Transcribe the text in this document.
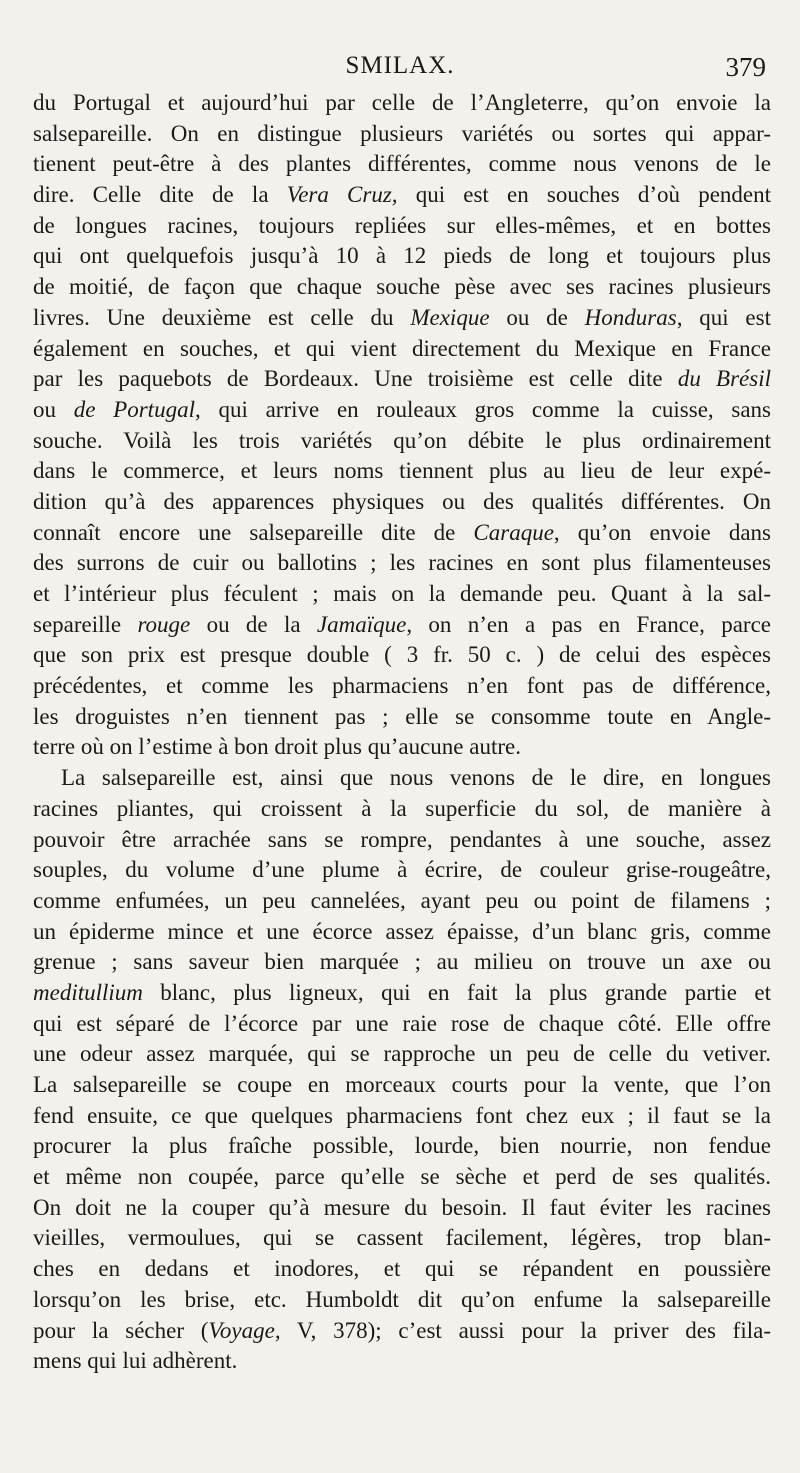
SMILAX.	379
du Portugal et aujourd’hui par celle de l’Angleterre, qu’on envoie la
salsepareille. On en distingue plusieurs variétés ou sortes qui appar-
tienent peut-être à des plantes différentes, comme nous venons de le
dire. Celle dite de la Vera Cruz, qui est en souches d’où pendent
de longues racines, toujours repliées sur elles-mêmes, et en bottes
qui ont quelquefois jusqu’à 10 à 12 pieds de long et toujours plus
de moitié, de façon que chaque souche pèse avec ses racines plusieurs
livres. Une deuxième est celle du Mexique ou de Honduras, qui est
également en souches, et qui vient directement du Mexique en France
par les paquebots de Bordeaux. Une troisième est celle dite du Brésil
ou de Portugal, qui arrive en rouleaux gros comme la cuisse, sans
souche. Voilà les trois variétés qu’on débite le plus ordinairement
dans le commerce, et leurs noms tiennent plus au lieu de leur expé-
dition qu’à des apparences physiques ou des qualités différentes. On
connaît encore une salsepareille dite de Caraque, qu’on envoie dans
des surrons de cuir ou ballotins ; les racines en sont plus filamenteuses
et l’intérieur plus féculent ; mais on la demande peu. Quant à la sal-
separeille rouge ou de la Jamaïque, on n’en a pas en France, parce
que son prix est presque double ( 3 fr. 50 c. ) de celui des espèces
précédentes, et comme les pharmaciens n’en font pas de différence,
les droguistes n’en tiennent pas ; elle se consomme toute en Angle-
terre où on l’estime à bon droit plus qu’aucune autre.
La salsepareille est, ainsi que nous venons de le dire, en longues
racines pliantes, qui croissent à la superficie du sol, de manière à
pouvoir être arrachée sans se rompre, pendantes à une souche, assez
souples, du volume d’une plume à écrire, de couleur grise-rougeâtre,
comme enfumées, un peu cannelées, ayant peu ou point de filamens ;
un épiderme mince et une écorce assez épaisse, d’un blanc gris, comme
grenue ; sans saveur bien marquée ; au milieu on trouve un axe ou
meditullium blanc, plus ligneux, qui en fait la plus grande partie et
qui est séparé de l’écorce par une raie rose de chaque côté. Elle offre
une odeur assez marquée, qui se rapproche un peu de celle du vetiver.
La salsepareille se coupe en morceaux courts pour la vente, que l’on
fend ensuite, ce que quelques pharmaciens font chez eux ; il faut se la
procurer la plus fraîche possible, lourde, bien nourrie, non fendue
et même non coupée, parce qu’elle se sèche et perd de ses qualités.
On doit ne la couper qu’à mesure du besoin. Il faut éviter les racines
vieilles, vermoulues, qui se cassent facilement, légères, trop blan-
ches en dedans et inodores, et qui se répandent en poussière
lorsqu’on les brise, etc. Humboldt dit qu’on enfume la salsepareille
pour la sécher (Voyage, V, 378); c’est aussi pour la priver des fila-
mens qui lui adhèrent.
